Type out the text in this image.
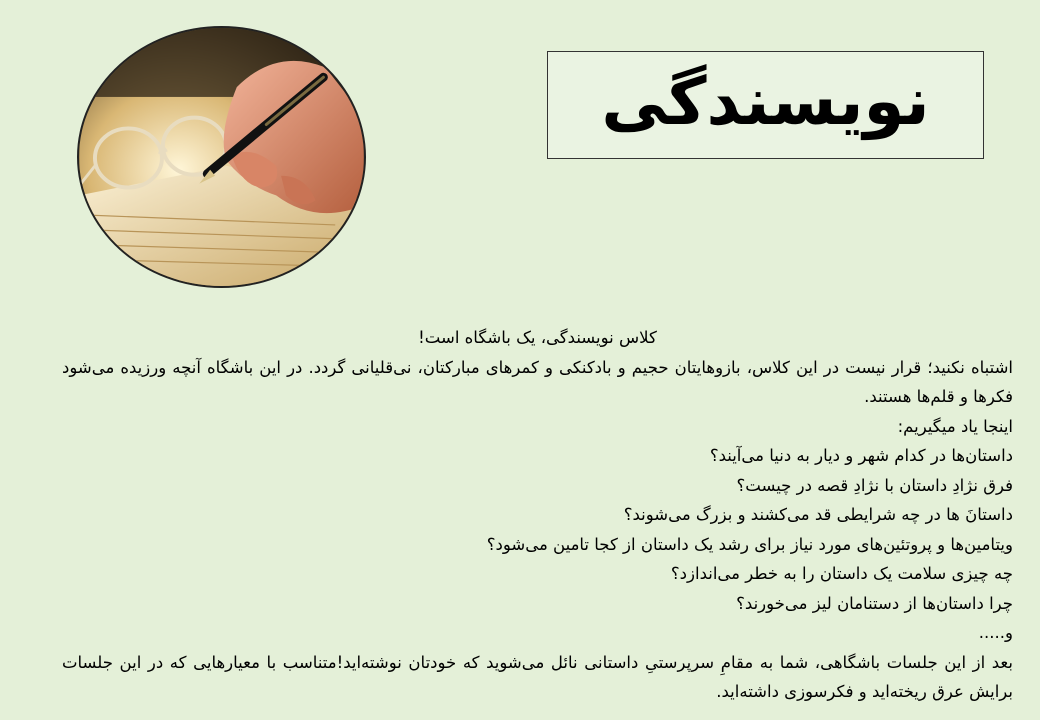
نویسندگی

کلاس نویسندگی، یک باشگاه است!

اشتباه نکنید؛ قرار نیست در این کلاس، بازوهایتان حجیم و بادکنکی و کمرهای مبارکتان، نی‌قلیانی گردد. در این باشگاه آنچه ورزیده می‌شود فکرها و قلم‌ها هستند.

اینجا یاد میگیریم:

داستان‌ها در کدام شهر و دیار به دنیا می‌آیند؟

فرق نژادِ داستان با نژادِ قصه در چیست؟

داستانَ ها در چه شرایطی قد می‌کشند و بزرگ می‌شوند؟

ویتامین‌ها و پروتئین‌های مورد نیاز برای رشد یک داستان از کجا تامین می‌شود؟

چه چیزی سلامت یک داستان را به خطر می‌اندازد؟

چرا داستان‌ها از دستنامان لیز می‌خورند؟

و.....

بعد از این جلسات باشگاهی، شما به مقامِ سرپرستیِ داستانی نائل می‌شوید که خودتان نوشته‌اید!متناسب با معیارهایی که در این جلسات برایش عرق ریخته‌اید و فکرسوزی داشته‌اید.
